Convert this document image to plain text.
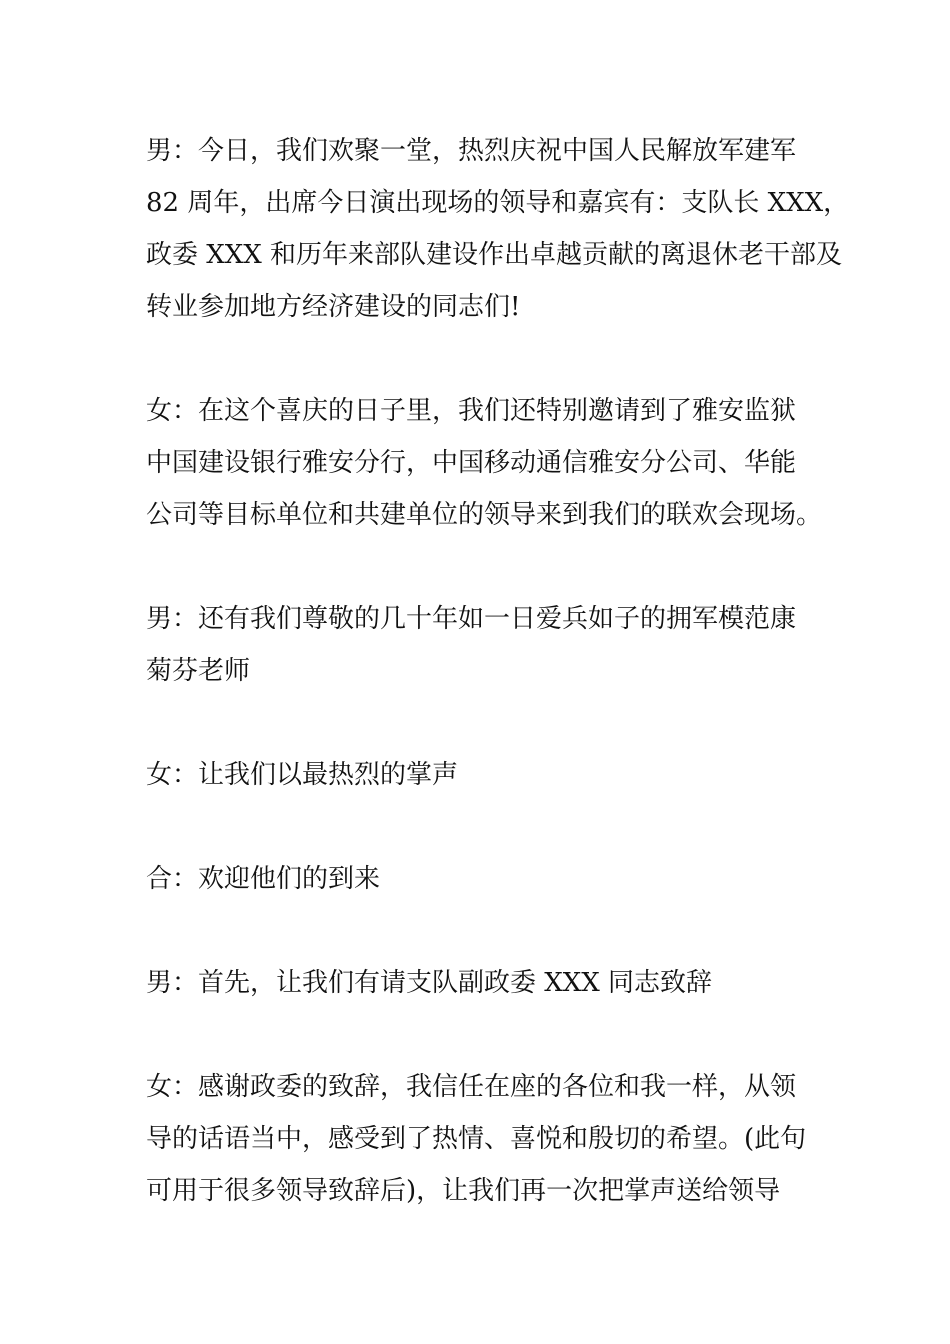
男：今日，我们欢聚一堂，热烈庆祝中国人民解放军建军
82 周年，出席今日演出现场的领导和嘉宾有：支队长 XXX，
政委 XXX 和历年来部队建设作出卓越贡献的离退休老干部及
转业参加地方经济建设的同志们!

女：在这个喜庆的日子里，我们还特别邀请到了雅安监狱
中国建设银行雅安分行，中国移动通信雅安分公司、华能
公司等目标单位和共建单位的领导来到我们的联欢会现场。

男：还有我们尊敬的几十年如一日爱兵如子的拥军模范康
菊芬老师

女：让我们以最热烈的掌声

合：欢迎他们的到来

男：首先，让我们有请支队副政委 XXX 同志致辞

女：感谢政委的致辞，我信任在座的各位和我一样，从领
导的话语当中，感受到了热情、喜悦和殷切的希望。(此句
可用于很多领导致辞后)，让我们再一次把掌声送给领导
